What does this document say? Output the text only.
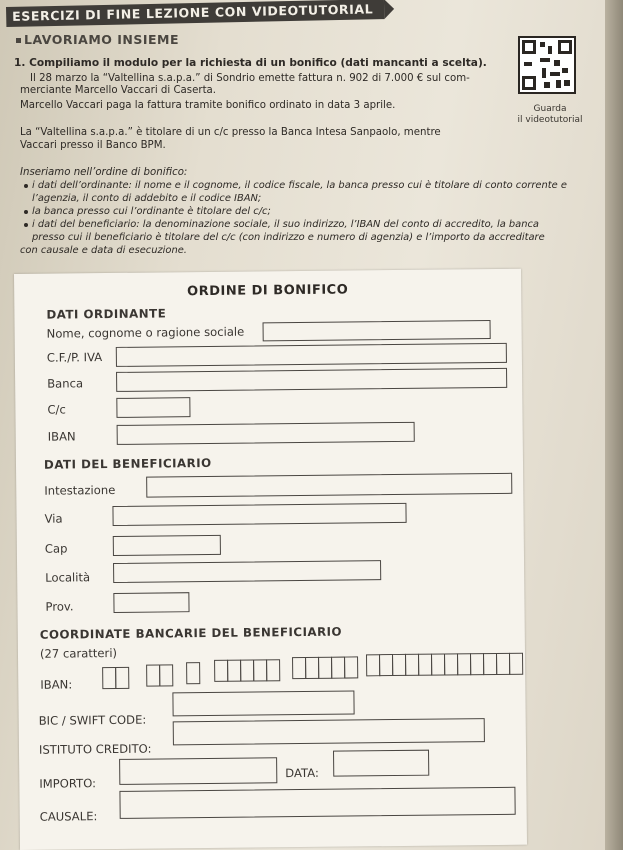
ESERCIZI DI FINE LEZIONE CON VIDEOTUTORIAL
LAVORIAMO INSIEME
Guarda
il videotutorial
1. Compiliamo il modulo per la richiesta di un bonifico (dati mancanti a scelta).
Il 28 marzo la “Valtellina s.a.p.a.” di Sondrio emette fattura n. 902 di 7.000 € sul com-
merciante Marcello Vaccari di Caserta.
Marcello Vaccari paga la fattura tramite bonifico ordinato in data 3 aprile.
La “Valtellina s.a.p.a.” è titolare di un c/c presso la Banca Intesa Sanpaolo, mentre
Vaccari presso il Banco BPM.
Inseriamo nell’ordine di bonifico:
i dati dell’ordinante: il nome e il cognome, il codice fiscale, la banca presso cui è titolare di conto corrente e
l’agenzia, il conto di addebito e il codice IBAN;
la banca presso cui l’ordinante è titolare del c/c;
i dati del beneficiario: la denominazione sociale, il suo indirizzo, l’IBAN del conto di accredito, la banca
presso cui il beneficiario è titolare del c/c (con indirizzo e numero di agenzia) e l’importo da accreditare
con causale e data di esecuzione.
ORDINE DI BONIFICO
DATI ORDINANTE
Nome, cognome o ragione sociale
C.F./P. IVA
Banca
C/c
IBAN
DATI DEL BENEFICIARIO
Intestazione
Via
Cap
Località
Prov.
COORDINATE BANCARIE DEL BENEFICIARIO
(27 caratteri)
IBAN:
BIC / SWIFT CODE:
ISTITUTO CREDITO:
IMPORTO:
DATA:
CAUSALE:
